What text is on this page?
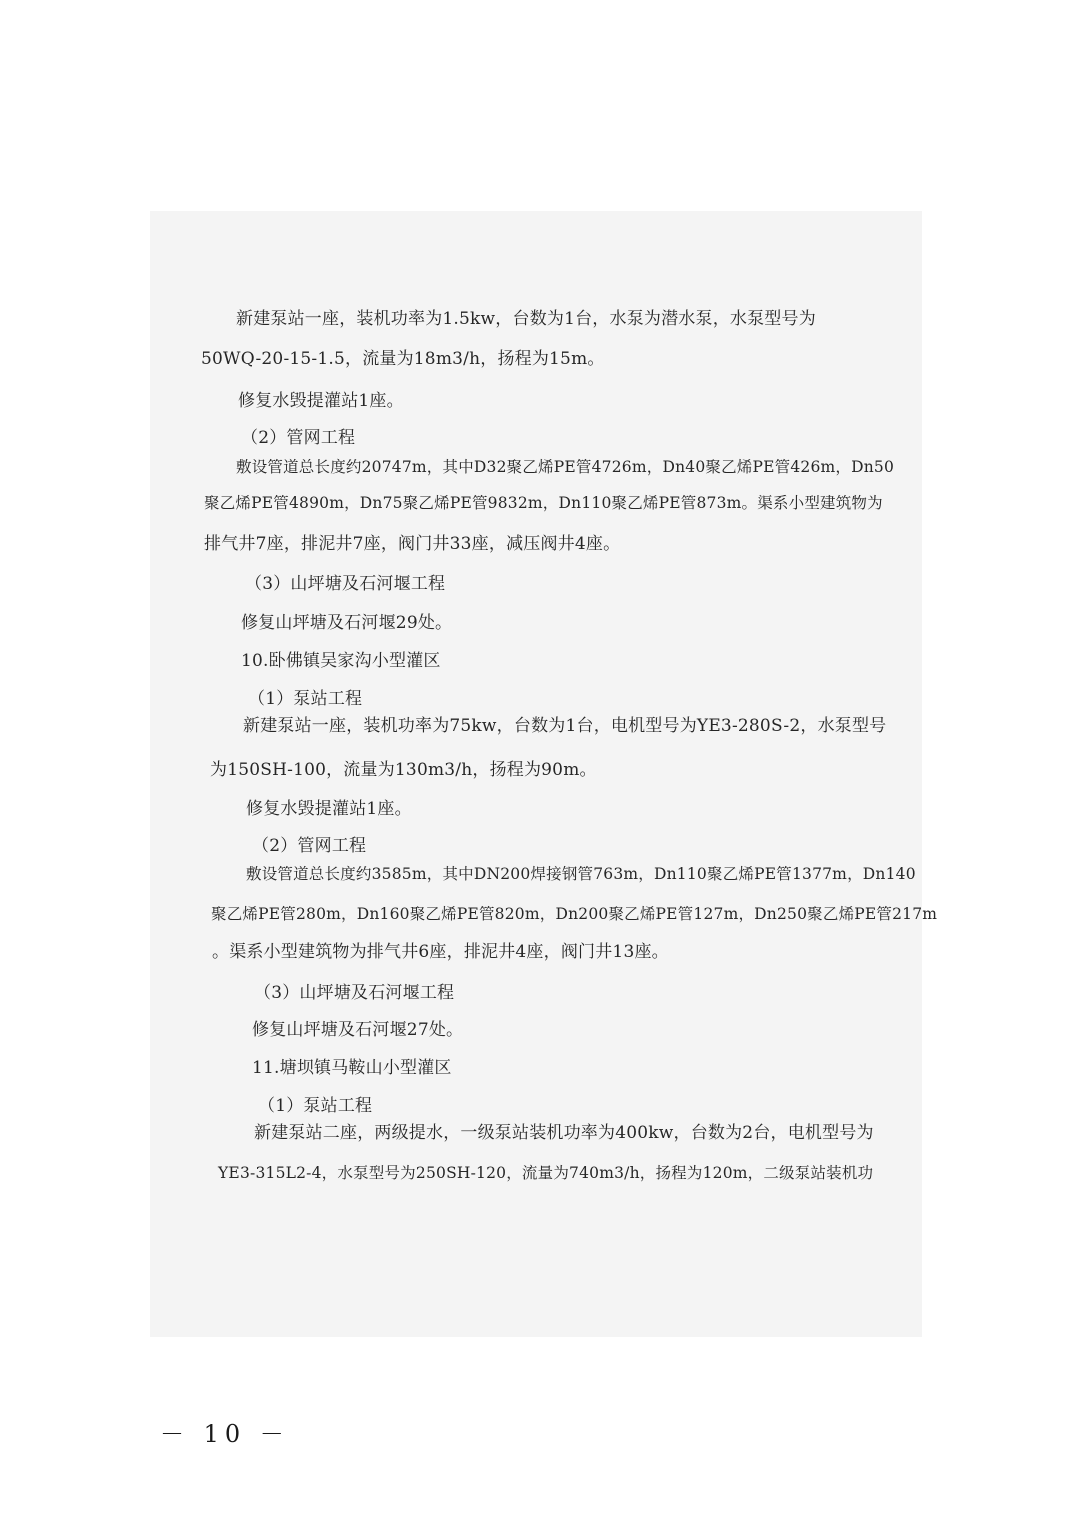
新建泵站一座，装机功率为1.5kw，台数为1台，水泵为潜水泵，水泵型号为
50WQ-20-15-1.5，流量为18m3/h，扬程为15m。
修复水毁提灌站1座。
（2）管网工程
敷设管道总长度约20747m，其中D32聚乙烯PE管4726m，Dn40聚乙烯PE管426m，Dn50
聚乙烯PE管4890m，Dn75聚乙烯PE管9832m，Dn110聚乙烯PE管873m。渠系小型建筑物为
排气井7座，排泥井7座，阀门井33座，减压阀井4座。
（3）山坪塘及石河堰工程
修复山坪塘及石河堰29处。
10.卧佛镇吴家沟小型灌区
（1）泵站工程
新建泵站一座，装机功率为75kw，台数为1台，电机型号为YE3-280S-2，水泵型号
为150SH-100，流量为130m3/h，扬程为90m。
修复水毁提灌站1座。
（2）管网工程
敷设管道总长度约3585m，其中DN200焊接钢管763m，Dn110聚乙烯PE管1377m，Dn140
聚乙烯PE管280m，Dn160聚乙烯PE管820m，Dn200聚乙烯PE管127m，Dn250聚乙烯PE管217m
。渠系小型建筑物为排气井6座，排泥井4座，阀门井13座。
（3）山坪塘及石河堰工程
修复山坪塘及石河堰27处。
11.塘坝镇马鞍山小型灌区
（1）泵站工程
新建泵站二座，两级提水，一级泵站装机功率为400kw，台数为2台，电机型号为
YE3-315L2-4，水泵型号为250SH-120，流量为740m3/h，扬程为120m，二级泵站装机功
－ 10 －
